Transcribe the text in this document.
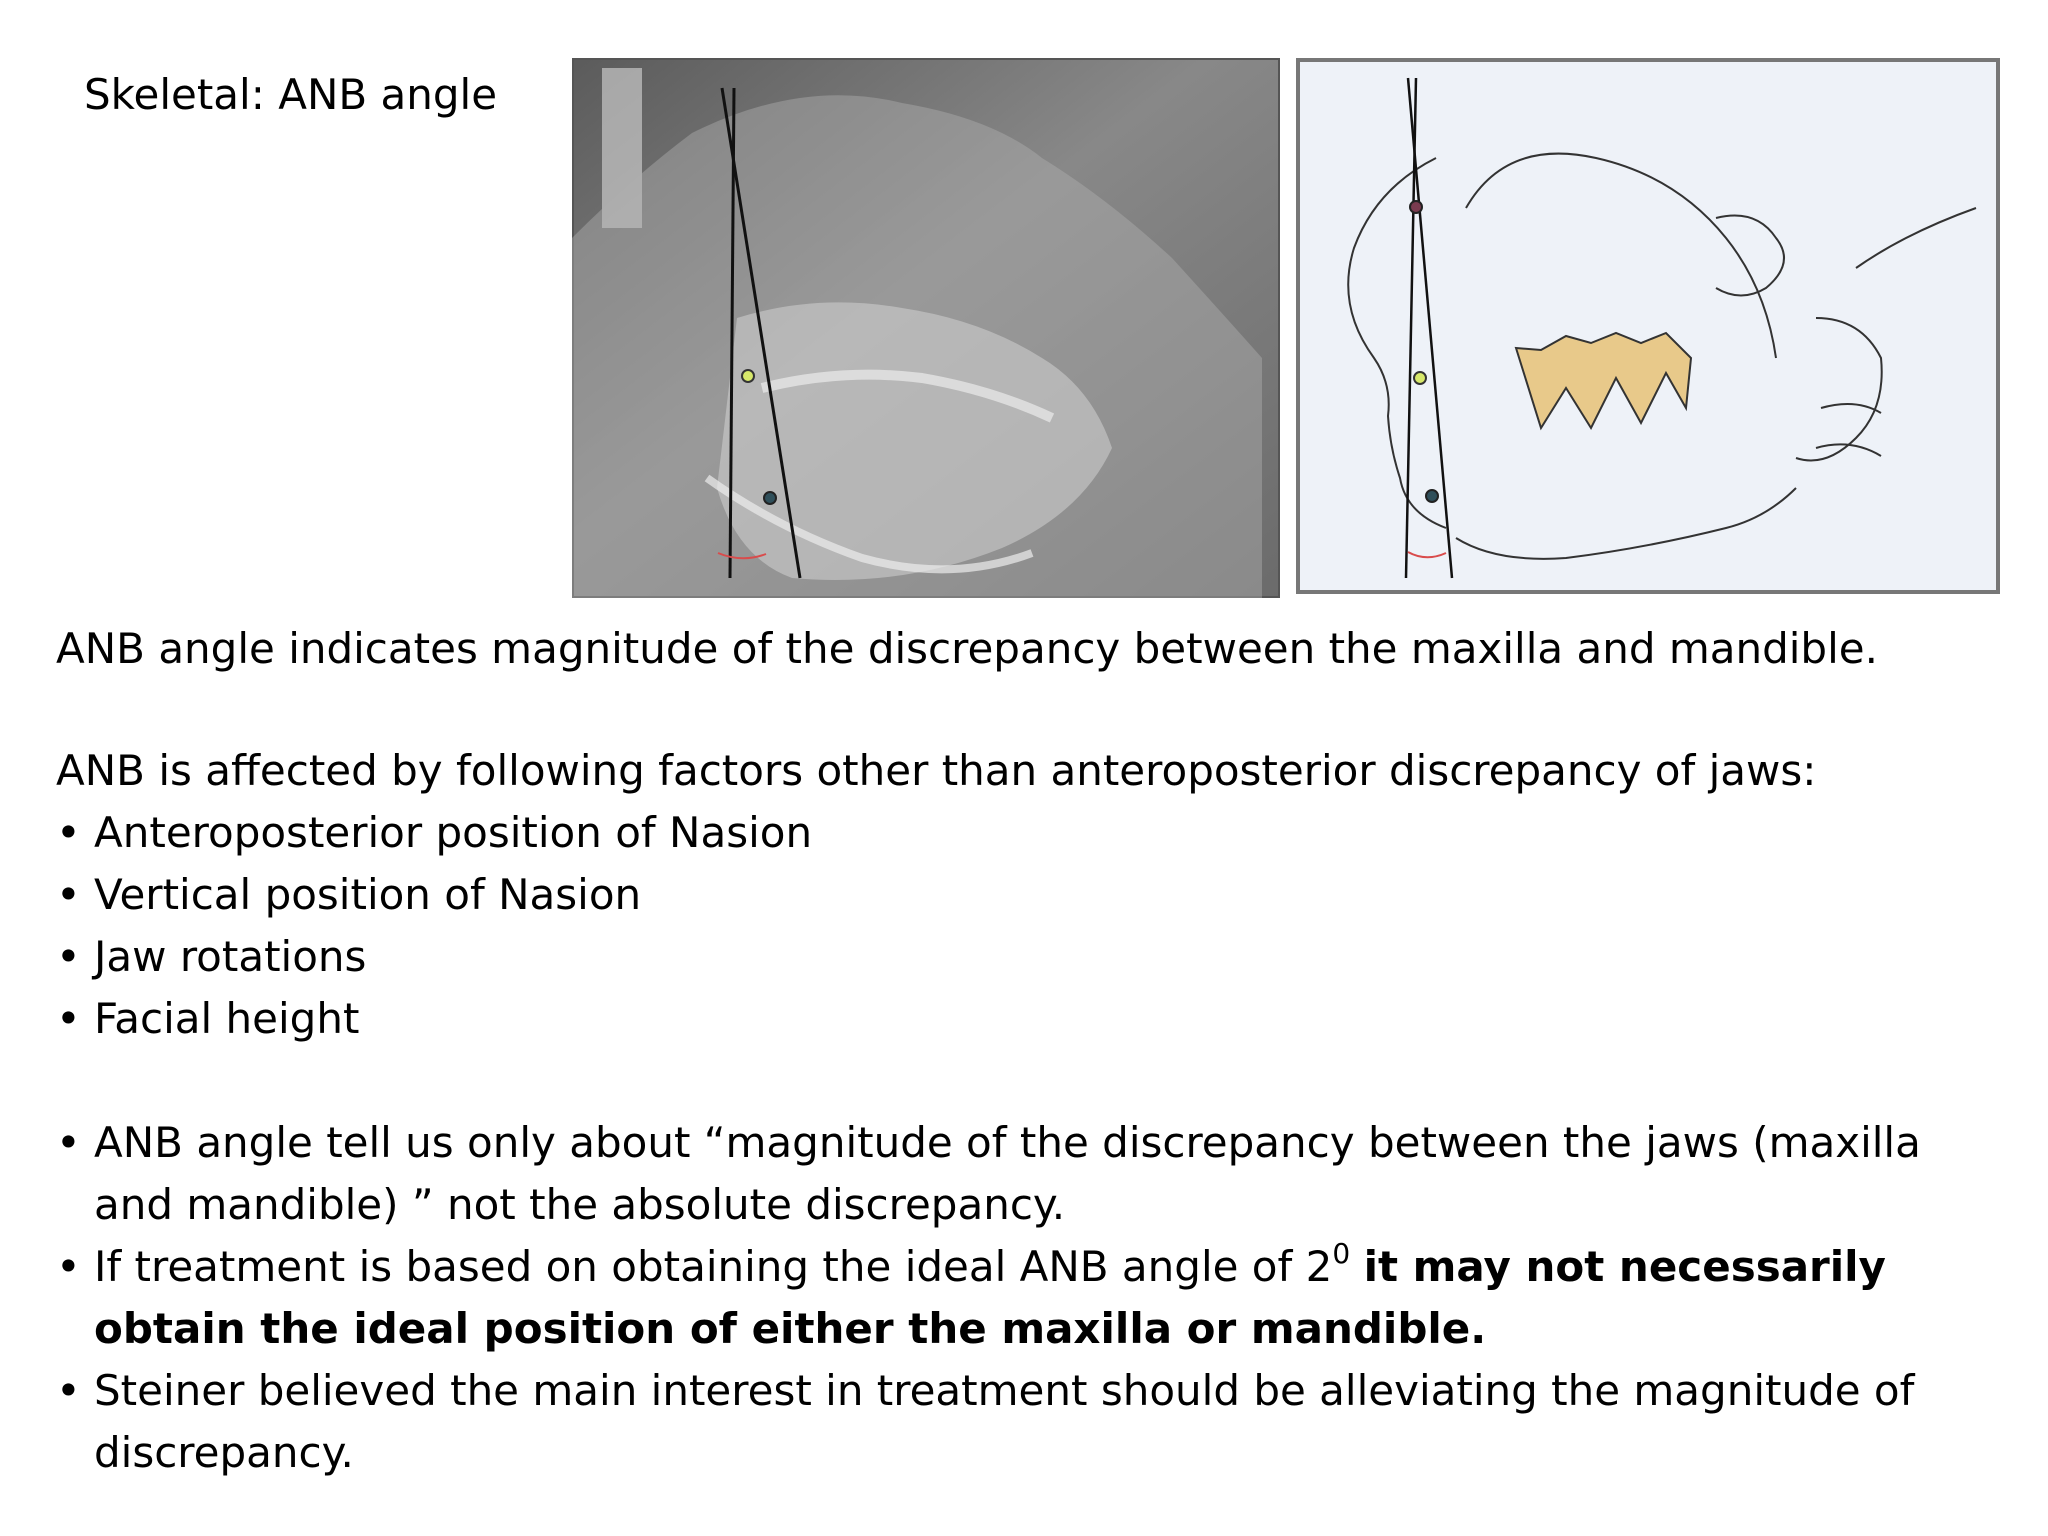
Skeletal: ANB angle
ANB angle indicates magnitude of the discrepancy between the maxilla and mandible.
ANB is affected by following factors other than anteroposterior discrepancy of jaws:
• Anteroposterior position of Nasion
• Vertical position of Nasion
• Jaw rotations
• Facial height
• ANB angle tell us only about “magnitude of the discrepancy between the jaws (maxilla and mandible) ” not the absolute discrepancy.
• If treatment is based on obtaining the ideal ANB angle of $2^0$ it may not necessarily obtain the ideal position of either the maxilla or mandible.
• Steiner believed the main interest in treatment should be alleviating the magnitude of discrepancy.
